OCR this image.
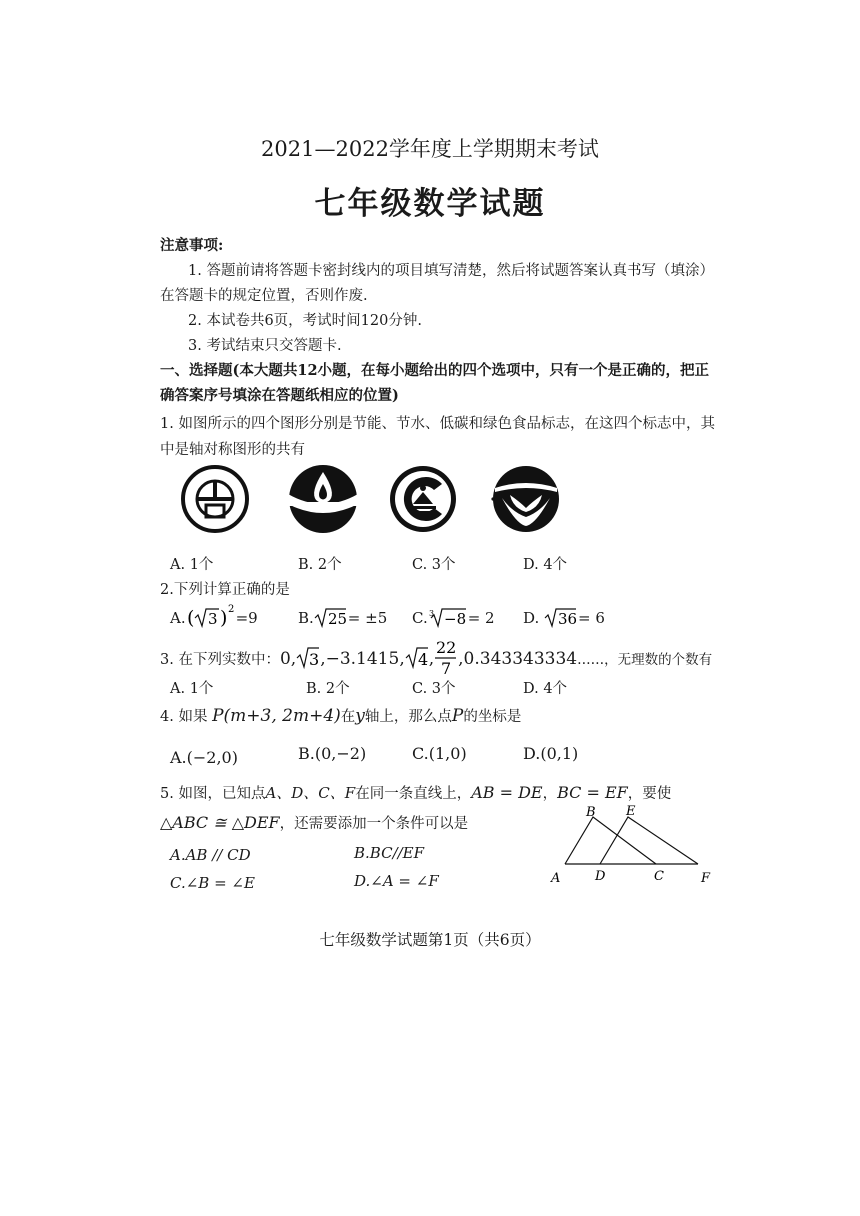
2021—2022学年度上学期期末考试
七年级数学试题
注意事项:
1. 答题前请将答题卡密封线内的项目填写清楚，然后将试题答案认真书写（填涂）
在答题卡的规定位置，否则作废.
2. 本试卷共6页，考试时间120分钟.
3. 考试结束只交答题卡.
一、选择题(本大题共12小题，在每小题给出的四个选项中，只有一个是正确的，把正
确答案序号填涂在答题纸相应的位置)
1. 如图所示的四个图形分别是节能、节水、低碳和绿色食品标志，在这四个标志中，其
中是轴对称图形的共有
A. 1个	B. 2个	C. 3个	D. 4个
2.下列计算正确的是
A. ( 3 ) 2 =9	B. 25 = ±5 C. 3 −8 = 2 D. 36 = 6
3. 在下列实数中：0, 3 ,−3.1415, 4 ,
22
7 ,0.343343334……，无理数的个数有
A. 1个	B. 2个	C. 3个	D. 4个
4. 如果 P(m+3, 2m+4)在y轴上，那么点P的坐标是
A.(−2,0)	B.(0,−2)	C.(1,0)	D.(0,1)
5. 如图，已知点A、D、C、F在同一条直线上，AB = DE，BC = EF，要使
△ABC ≅ △DEF，还需要添加一个条件可以是
A.AB // CD	B.BC//EF
C.∠B = ∠E	D.∠A = ∠F	A
B
C
D
E
F
七年级数学试题第1页（共6页）
